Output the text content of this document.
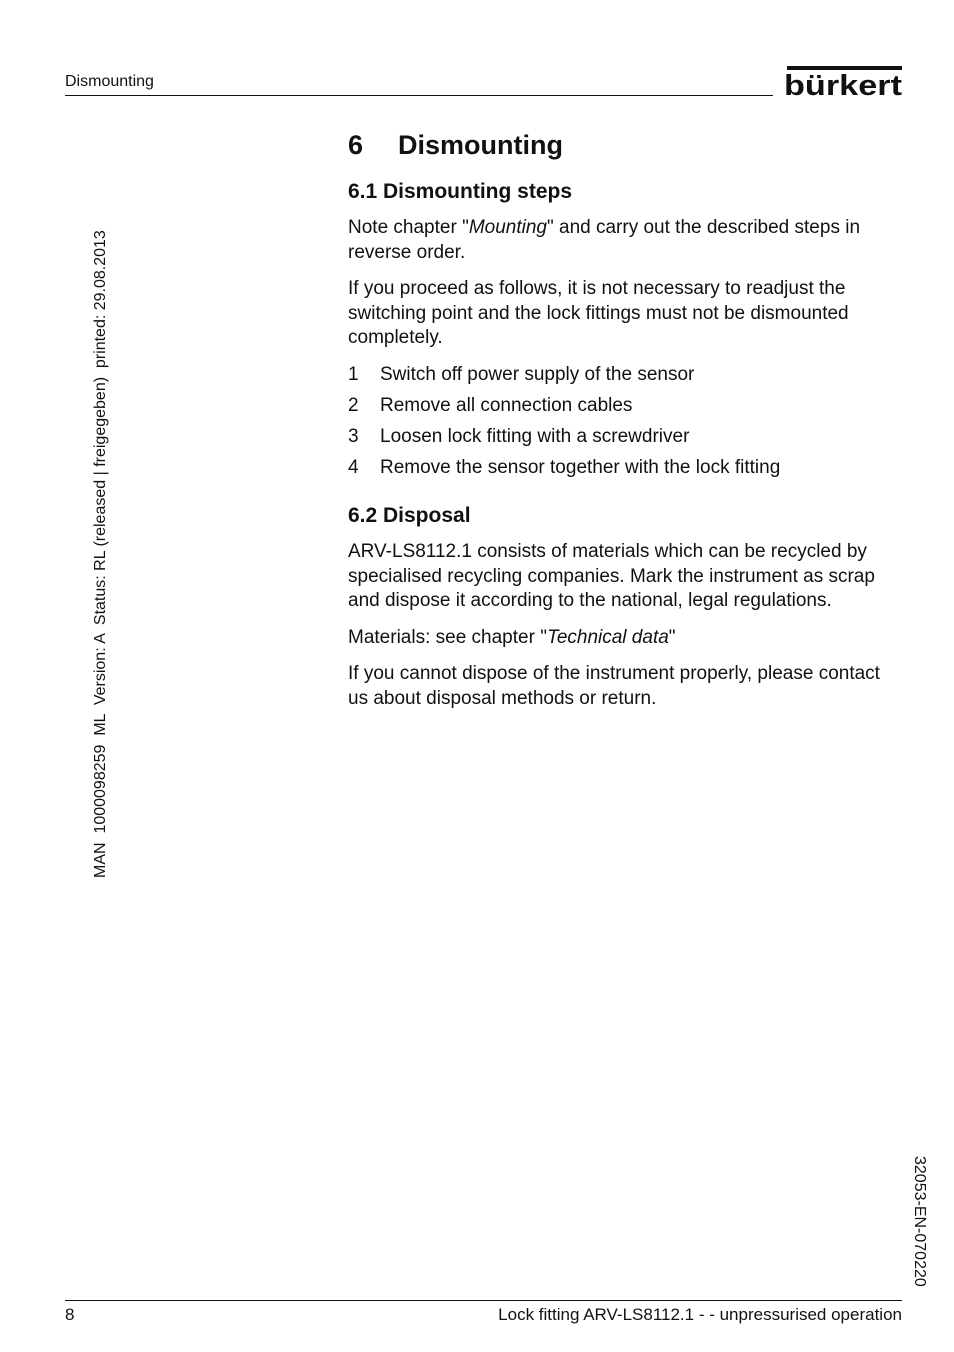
Dismounting	bürkert
MAN  1000098259  ML  Version: A  Status: RL (released | freigegeben)  printed: 29.08.2013
32053-EN-070220
6 Dismounting
6.1 Dismounting steps

Note chapter "Mounting" and carry out the described steps in reverse order.

If you proceed as follows, it is not necessary to readjust the switching point and the lock fittings must not be dismounted completely.

1 Switch off power supply of the sensor
2 Remove all connection cables
3 Loosen lock fitting with a screwdriver
4 Remove the sensor together with the lock fitting
6.2 Disposal

ARV-LS8112.1 consists of materials which can be recycled by specialised recycling companies. Mark the instrument as scrap and dispose it according to the national, legal regulations.

Materials: see chapter "Technical data"

If you cannot dispose of the instrument properly, please contact us about disposal methods or return.

8	Lock fitting ARV-LS8112.1 - - unpressurised operation
